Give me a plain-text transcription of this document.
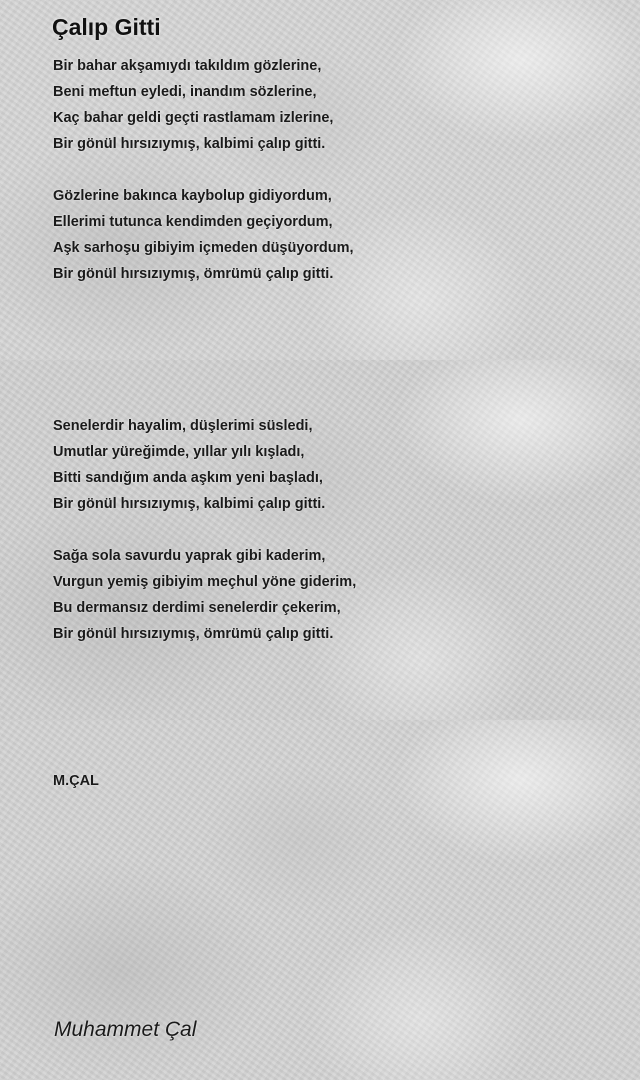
Çalıp Gitti
Bir bahar akşamıydı takıldım gözlerine,
Beni meftun eyledi, inandım sözlerine,
Kaç bahar geldi geçti rastlamam izlerine,
Bir gönül hırsızıymış, kalbimi çalıp gitti.
Gözlerine bakınca kaybolup gidiyordum,
Ellerimi tutunca kendimden geçiyordum,
Aşk sarhoşu gibiyim içmeden düşüyordum,
Bir gönül hırsızıymış, ömrümü çalıp gitti.
Senelerdir hayalim, düşlerimi süsledi,
Umutlar yüreğimde, yıllar yılı kışladı,
Bitti sandığım anda aşkım yeni başladı,
Bir gönül hırsızıymış, kalbimi çalıp gitti.
Sağa sola savurdu yaprak gibi kaderim,
Vurgun yemiş gibiyim meçhul yöne giderim,
Bu dermansız derdimi senelerdir çekerim,
Bir gönül hırsızıymış, ömrümü çalıp gitti.
M.ÇAL
Muhammet Çal
